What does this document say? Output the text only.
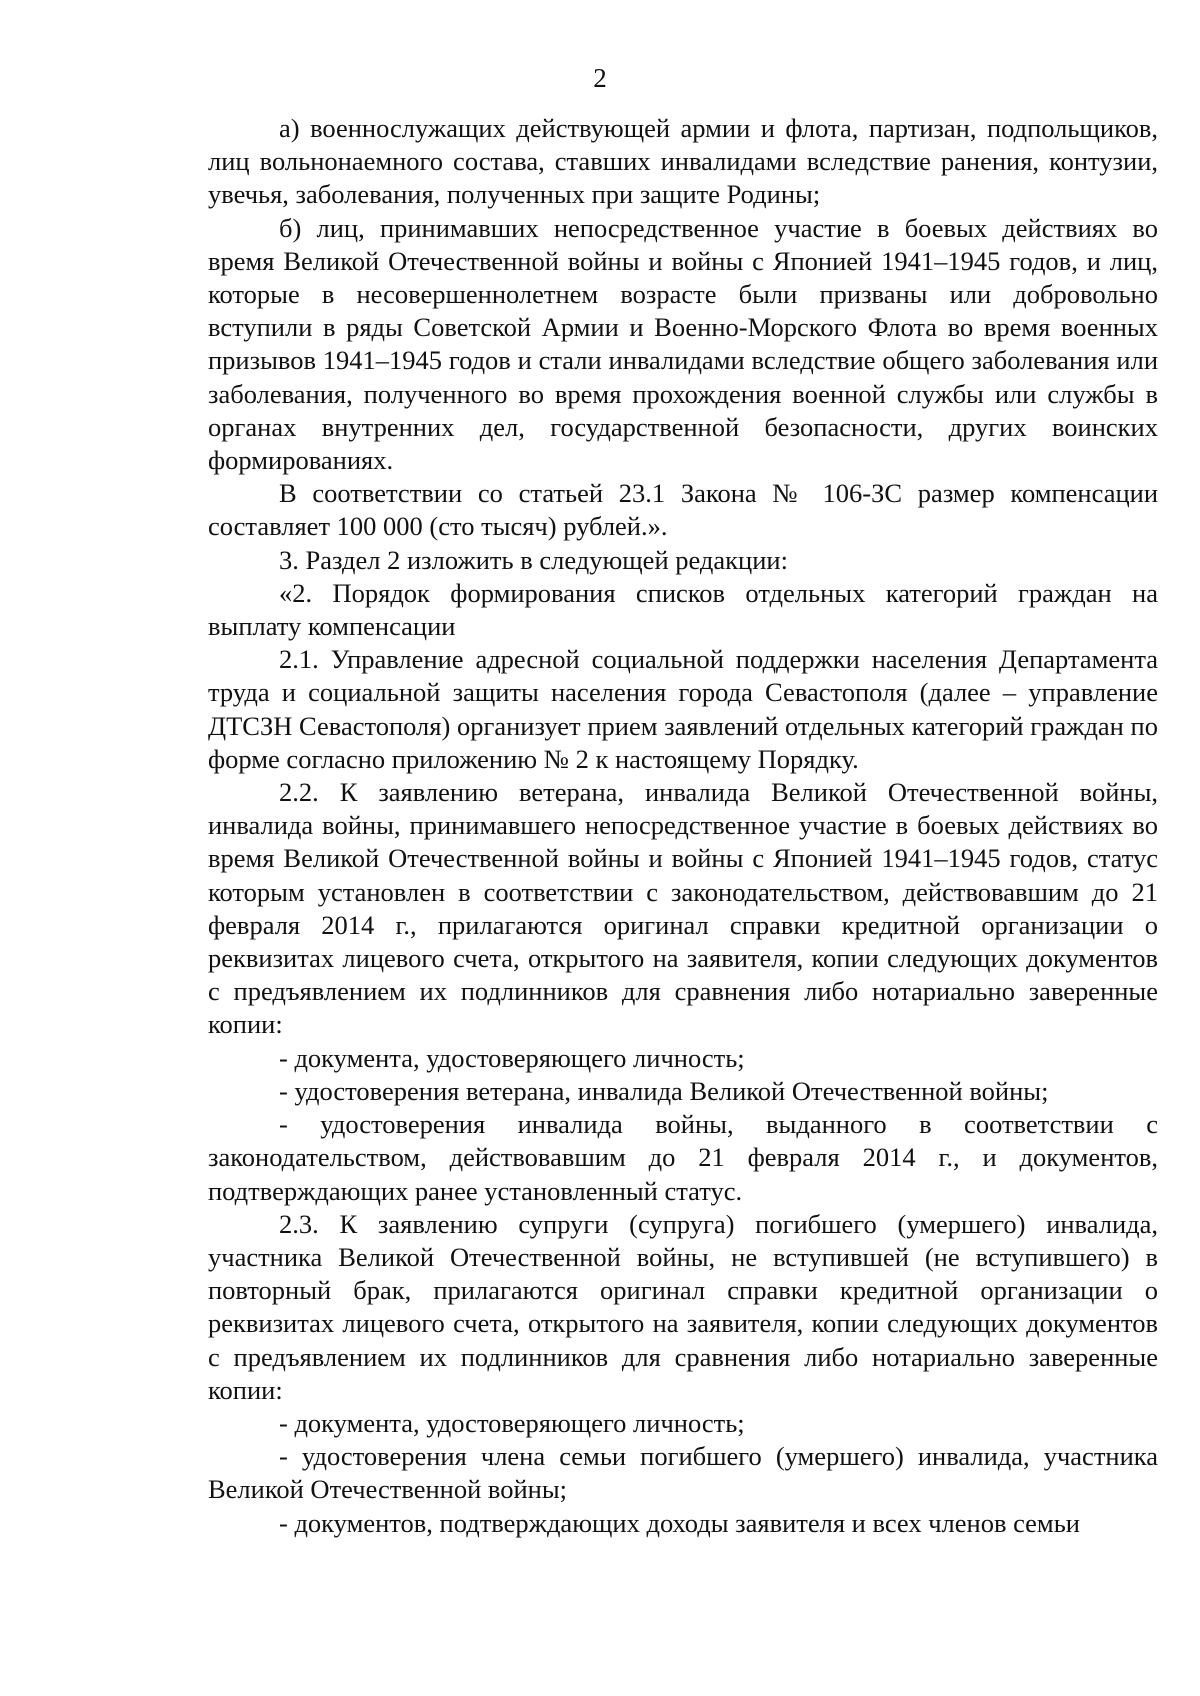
2

а) военнослужащих действующей армии и флота, партизан, подпольщиков, лиц вольнонаемного состава, ставших инвалидами вследствие ранения, контузии, увечья, заболевания, полученных при защите Родины;

б) лиц, принимавших непосредственное участие в боевых действиях во время Великой Отечественной войны и войны с Японией 1941–1945 годов, и лиц, которые в несовершеннолетнем возрасте были призваны или добровольно вступили в ряды Советской Армии и Военно-Морского Флота во время военных призывов 1941–1945 годов и стали инвалидами вследствие общего заболевания или заболевания, полученного во время прохождения военной службы или службы в органах внутренних дел, государственной безопасности, других воинских формированиях.

В соответствии со статьей 23.1 Закона № 106-ЗС размер компенсации составляет 100 000 (сто тысяч) рублей.».

3. Раздел 2 изложить в следующей редакции:

«2. Порядок формирования списков отдельных категорий граждан на выплату компенсации

2.1. Управление адресной социальной поддержки населения Департамента труда и социальной защиты населения города Севастополя (далее – управление ДТСЗН Севастополя) организует прием заявлений отдельных категорий граждан по форме согласно приложению № 2 к настоящему Порядку.

2.2. К заявлению ветерана, инвалида Великой Отечественной войны, инвалида войны, принимавшего непосредственное участие в боевых действиях во время Великой Отечественной войны и войны с Японией 1941–1945 годов, статус которым установлен в соответствии с законодательством, действовавшим до 21 февраля 2014 г., прилагаются оригинал справки кредитной организации о реквизитах лицевого счета, открытого на заявителя, копии следующих документов с предъявлением их подлинников для сравнения либо нотариально заверенные копии:

- документа, удостоверяющего личность;

- удостоверения ветерана, инвалида Великой Отечественной войны;

- удостоверения инвалида войны, выданного в соответствии с законодательством, действовавшим до 21 февраля 2014 г., и документов, подтверждающих ранее установленный статус.

2.3. К заявлению супруги (супруга) погибшего (умершего) инвалида, участника Великой Отечественной войны, не вступившей (не вступившего) в повторный брак, прилагаются оригинал справки кредитной организации о реквизитах лицевого счета, открытого на заявителя, копии следующих документов с предъявлением их подлинников для сравнения либо нотариально заверенные копии:

- документа, удостоверяющего личность;

- удостоверения члена семьи погибшего (умершего) инвалида, участника Великой Отечественной войны;

- документов, подтверждающих доходы заявителя и всех членов семьи
